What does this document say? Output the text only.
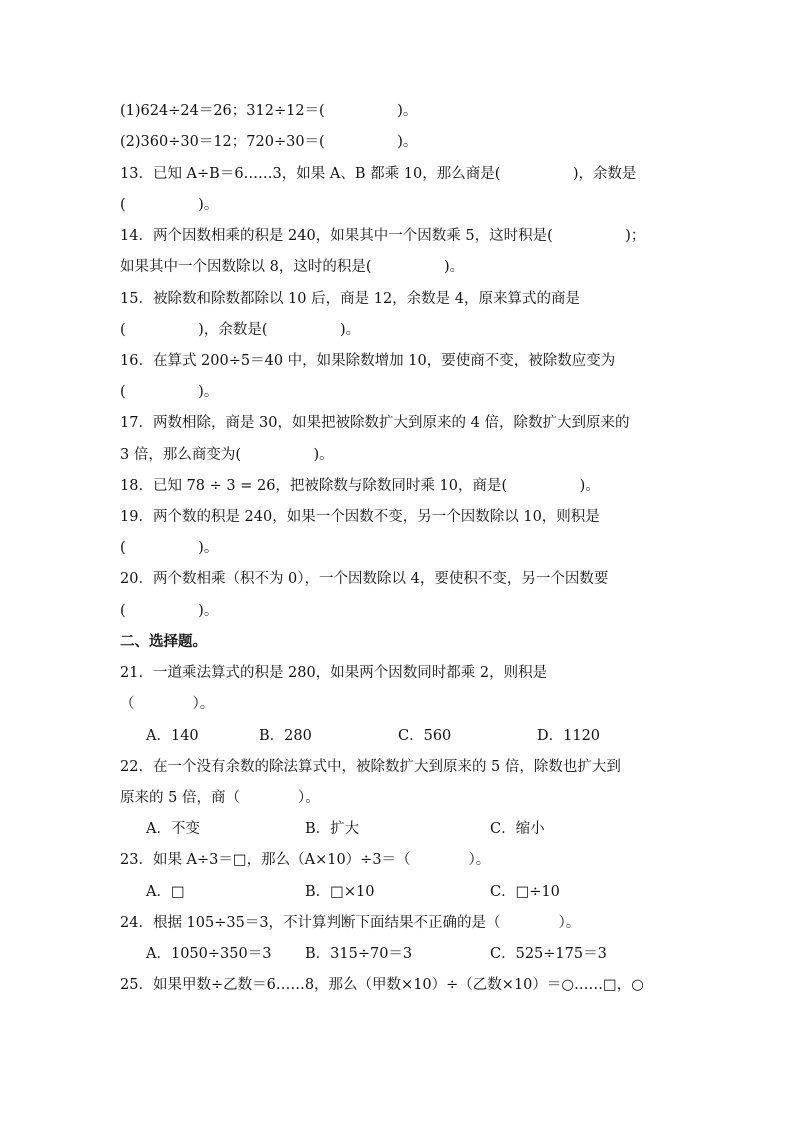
(1)624÷24＝26；312÷12＝(　　　　　)。
(2)360÷30＝12；720÷30＝(　　　　　)。
13．已知 A÷B＝6……3，如果 A、B 都乘 10，那么商是(　　　　　)，余数是
(　　　　　)。
14．两个因数相乘的积是 240，如果其中一个因数乘 5，这时积是(　　　　　)；
如果其中一个因数除以 8，这时的积是(　　　　　)。
15．被除数和除数都除以 10 后，商是 12，余数是 4，原来算式的商是
(　　　　　)，余数是(　　　　　)。
16．在算式 200÷5＝40 中，如果除数增加 10，要使商不变，被除数应变为
(　　　　　)。
17．两数相除，商是 30，如果把被除数扩大到原来的 4 倍，除数扩大到原来的
3 倍，那么商变为(　　　　　)。
18．已知 78 ÷ 3 = 26，把被除数与除数同时乘 10，商是(　　　　　)。
19．两个数的积是 240，如果一个因数不变，另一个因数除以 10，则积是
(　　　　　)。
20．两个数相乘（积不为 0），一个因数除以 4，要使积不变，另一个因数要
(　　　　　)。
二、选择题。
21．一道乘法算式的积是 280，如果两个因数同时都乘 2，则积是
（　　　　）。
A．140	B．280	C．560	D．1120
22．在一个没有余数的除法算式中，被除数扩大到原来的 5 倍，除数也扩大到
原来的 5 倍，商（　　　　）。
A．不变	B．扩大	C．缩小
23．如果 A÷3＝□，那么（A×10）÷3＝（　　　　）。
A．□	B．□×10	C．□÷10
24．根据 105÷35＝3，不计算判断下面结果不正确的是（　　　　）。
A．1050÷350＝3 B．315÷70＝3	C．525÷175＝3
25．如果甲数÷乙数＝6……8，那么（甲数×10）÷（乙数×10）＝○……□，○
